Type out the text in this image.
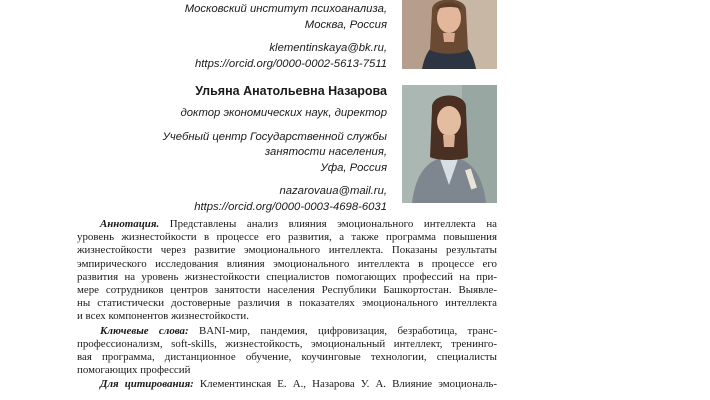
Московский институт психоанализа,
Москва, Россия
klementinskaya@bk.ru,
https://orcid.org/0000-0002-5613-7511
Ульяна Анатольевна Назарова
доктор экономических наук, директор
Учебный центр Государственной службы
занятости населения,
Уфа, Россия
nazarovaua@mail.ru,
https://orcid.org/0000-0003-4698-6031

Аннотация. Представлены анализ влияния эмоционального интеллекта на

уровень жизнестойкости в процессе его развития, а также программа повышения
жизнестойкости через развитие эмоционального интеллекта. Показаны результаты
эмпирического исследования влияния эмоционального интеллекта в процессе его
развития на уровень жизнестойкости специалистов помогающих профессий на при-
мере сотрудников центров занятости населения Республики Башкортостан. Выявле-
ны статистически достоверные различия в показателях эмоционального интеллекта
и всех компонентов жизнестойкости.

Ключевые слова: BANI-мир, пандемия, цифровизация, безработица, транс-

профессионализм, soft-skills, жизнестойкость, эмоциональный интеллект, тренинго-
вая программа, дистанционное обучение, коучинговые технологии, специалисты
помогающих профессий

Для цитирования: Клементинская Е. А., Назарова У. А. Влияние эмоциональ-
